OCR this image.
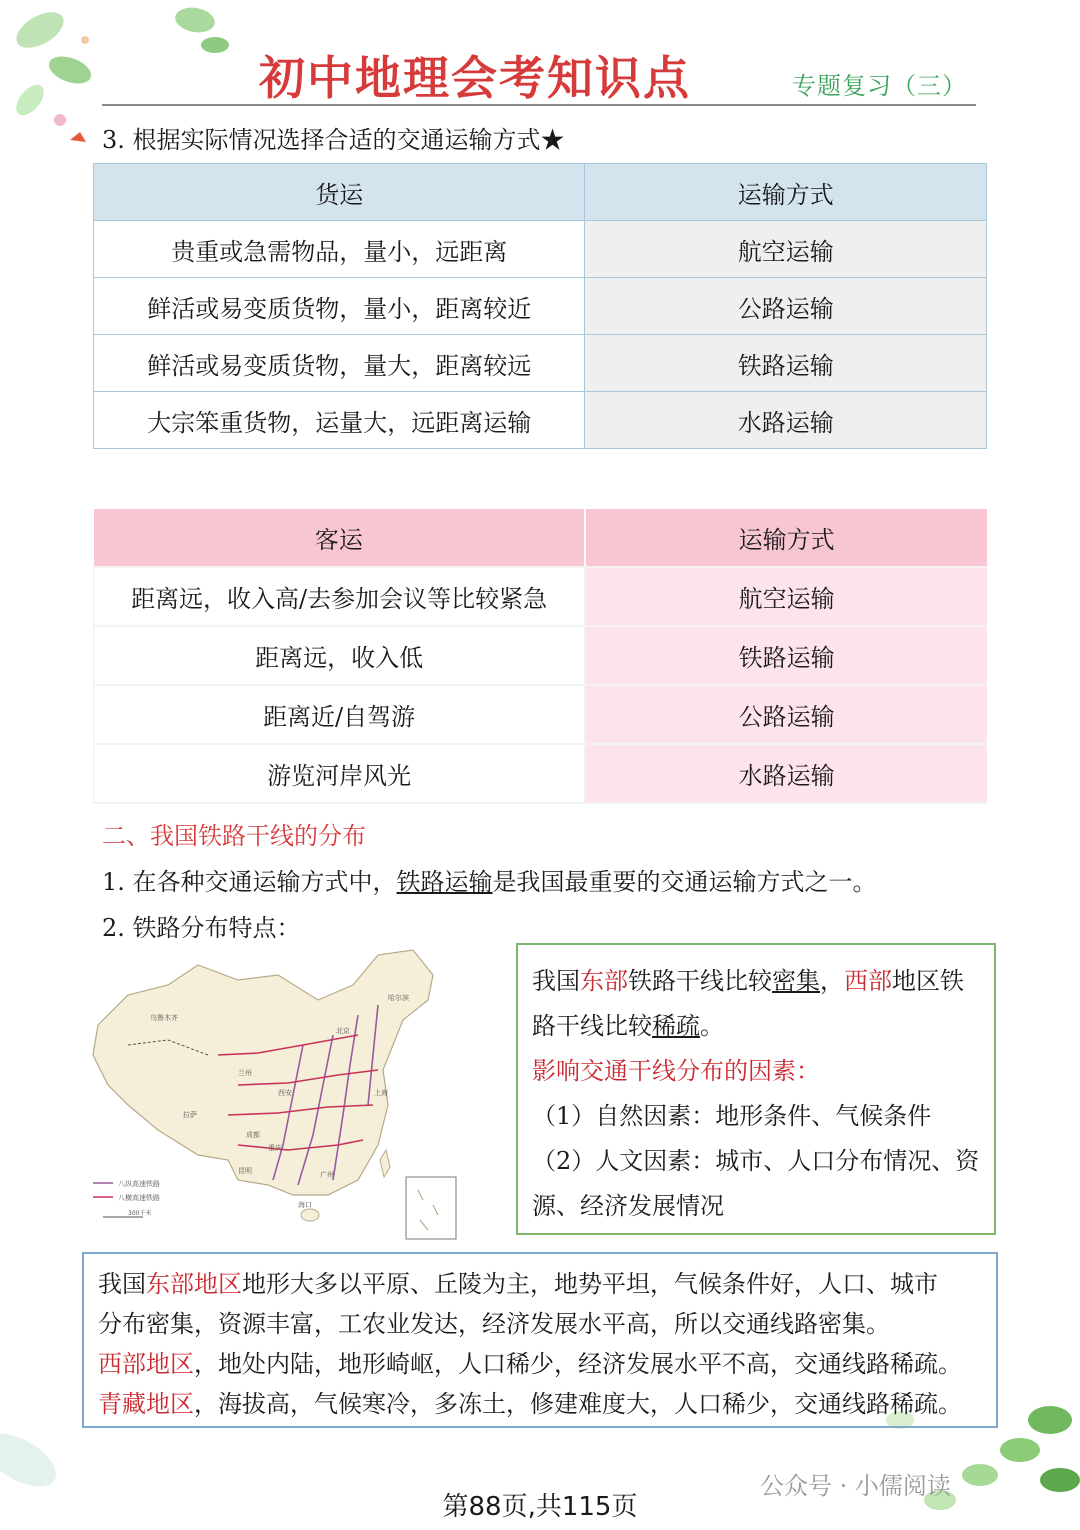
初中地理会考知识点	专题复习（三）
3. 根据实际情况选择合适的交通运输方式★
货运	运输方式
贵重或急需物品，量小，远距离	航空运输
鲜活或易变质货物，量小，距离较近	公路运输
鲜活或易变质货物，量大，距离较远	铁路运输
大宗笨重货物，运量大，远距离运输	水路运输
客运	运输方式
距离远，收入高/去参加会议等比较紧急	航空运输
距离远，收入低	铁路运输
距离近/自驾游	公路运输
游览河岸风光	水路运输
二、我国铁路干线的分布
1. 在各种交通运输方式中，铁路运输是我国最重要的交通运输方式之一。
2. 铁路分布特点：
乌鲁木齐
拉萨
成都
重庆
昆明
北京
上海
广州
西安
兰州
哈尔滨
海口
八纵高速铁路
八横高速铁路
300千米
我国东部铁路干线比较密集，西部地区铁路干线比较稀疏。
影响交通干线分布的因素：
（1）自然因素：地形条件、气候条件
（2）人文因素：城市、人口分布情况、资源、经济发展情况
我国东部地区地形大多以平原、丘陵为主，地势平坦，气候条件好，人口、城市
分布密集，资源丰富，工农业发达，经济发展水平高，所以交通线路密集。
西部地区，地处内陆，地形崎岖，人口稀少，经济发展水平不高，交通线路稀疏。
青藏地区，海拔高，气候寒冷，多冻土，修建难度大，人口稀少，交通线路稀疏。
公众号 · 小儒阅读
第88页,共115页
